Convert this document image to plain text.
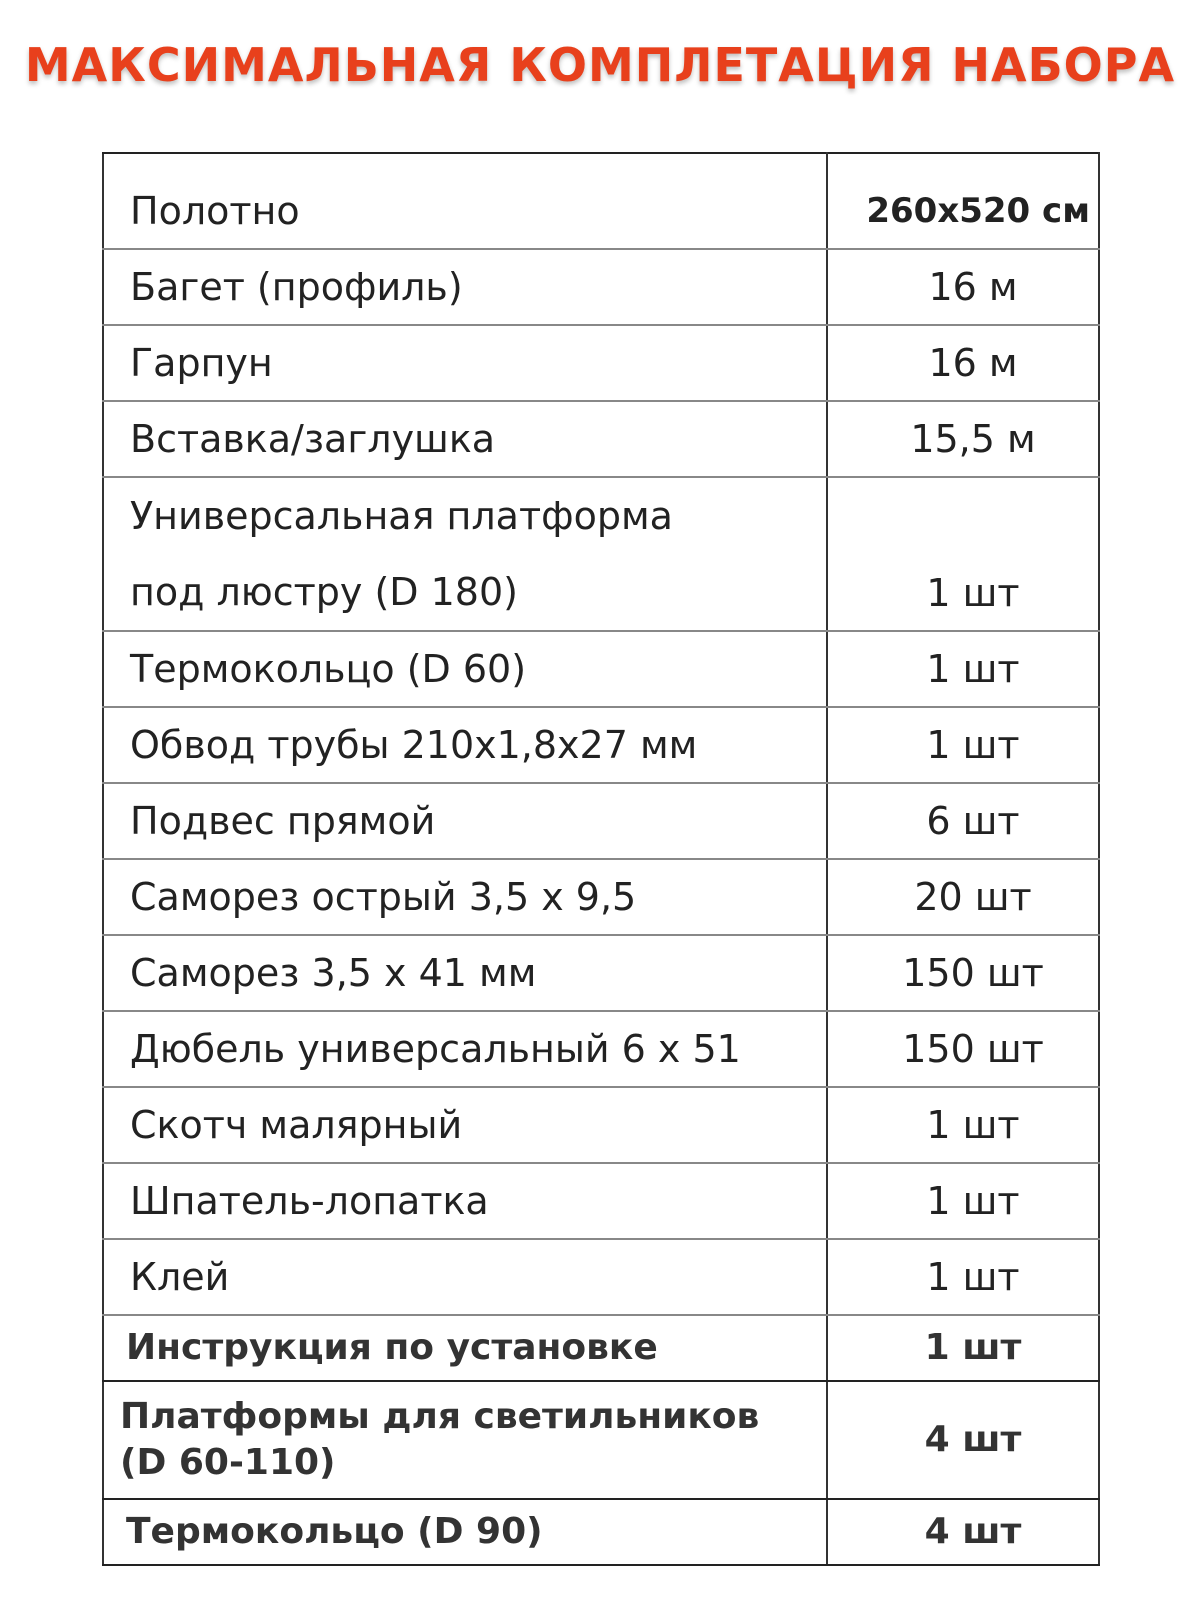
МАКСИМАЛЬНАЯ КОМПЛЕТАЦИЯ НАБОРА
Полотно	260x520 см
Багет (профиль)	16 м
Гарпун	16 м
Вставка/заглушка	15,5 м

Универсальная платформа
под люстру (D 180)	1 шт
Термокольцо (D 60)	1 шт
Обвод трубы 210х1,8х27 мм	1 шт
Подвес прямой	6 шт
Саморез острый 3,5 х 9,5	20 шт
Саморез 3,5 х 41 мм	150 шт
Дюбель универсальный 6 х 51	150 шт
Скотч малярный	1 шт
Шпатель-лопатка	1 шт
Клей	1 шт
Инструкция по установке	1 шт

Платформы для светильников
(D 60-110)	4 шт
Термокольцо (D 90)	4 шт
